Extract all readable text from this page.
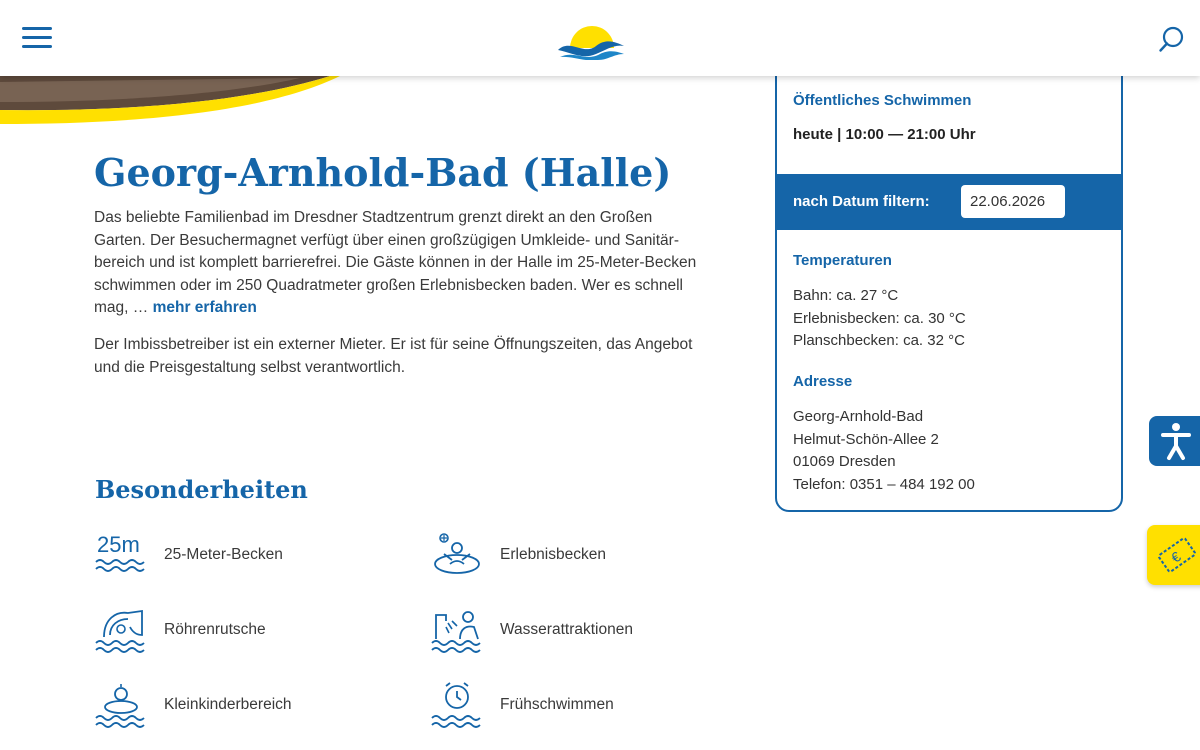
Georg-Arnhold-Bad (Halle)

Das beliebte Familienbad im Dresdner Stadtzentrum grenzt direkt an den Großen Garten. Der Besuchermagnet verfügt über einen großzügigen Umkleide- und Sanitär-bereich und ist komplett barrierefrei. Die Gäste können in der Halle im 25-Meter-Becken schwimmen oder im 250 Quadratmeter großen Erlebnisbecken baden. Wer es schnell mag, … mehr erfahren

Der Imbissbetreiber ist ein externer Mieter. Er ist für seine Öffnungszeiten, das Angebot und die Preisgestaltung selbst verantwortlich.

Besonderheiten
25m 25-Meter-Becken	Erlebnisbecken
Röhrenrutsche	Wasserattraktionen
Kleinkinderbereich	Frühschwimmen
Öffentliches Schwimmen
heute | 10:00 — 21:00 Uhr
nach Datum filtern:
22.06.2026
Temperaturen
Bahn: ca. 27 °C
Erlebnisbecken: ca. 30 °C
Planschbecken: ca. 32 °C
Adresse
Georg-Arnhold-Bad
Helmut-Schön-Allee 2
01069 Dresden
Telefon: 0351 – 484 192 00
€
